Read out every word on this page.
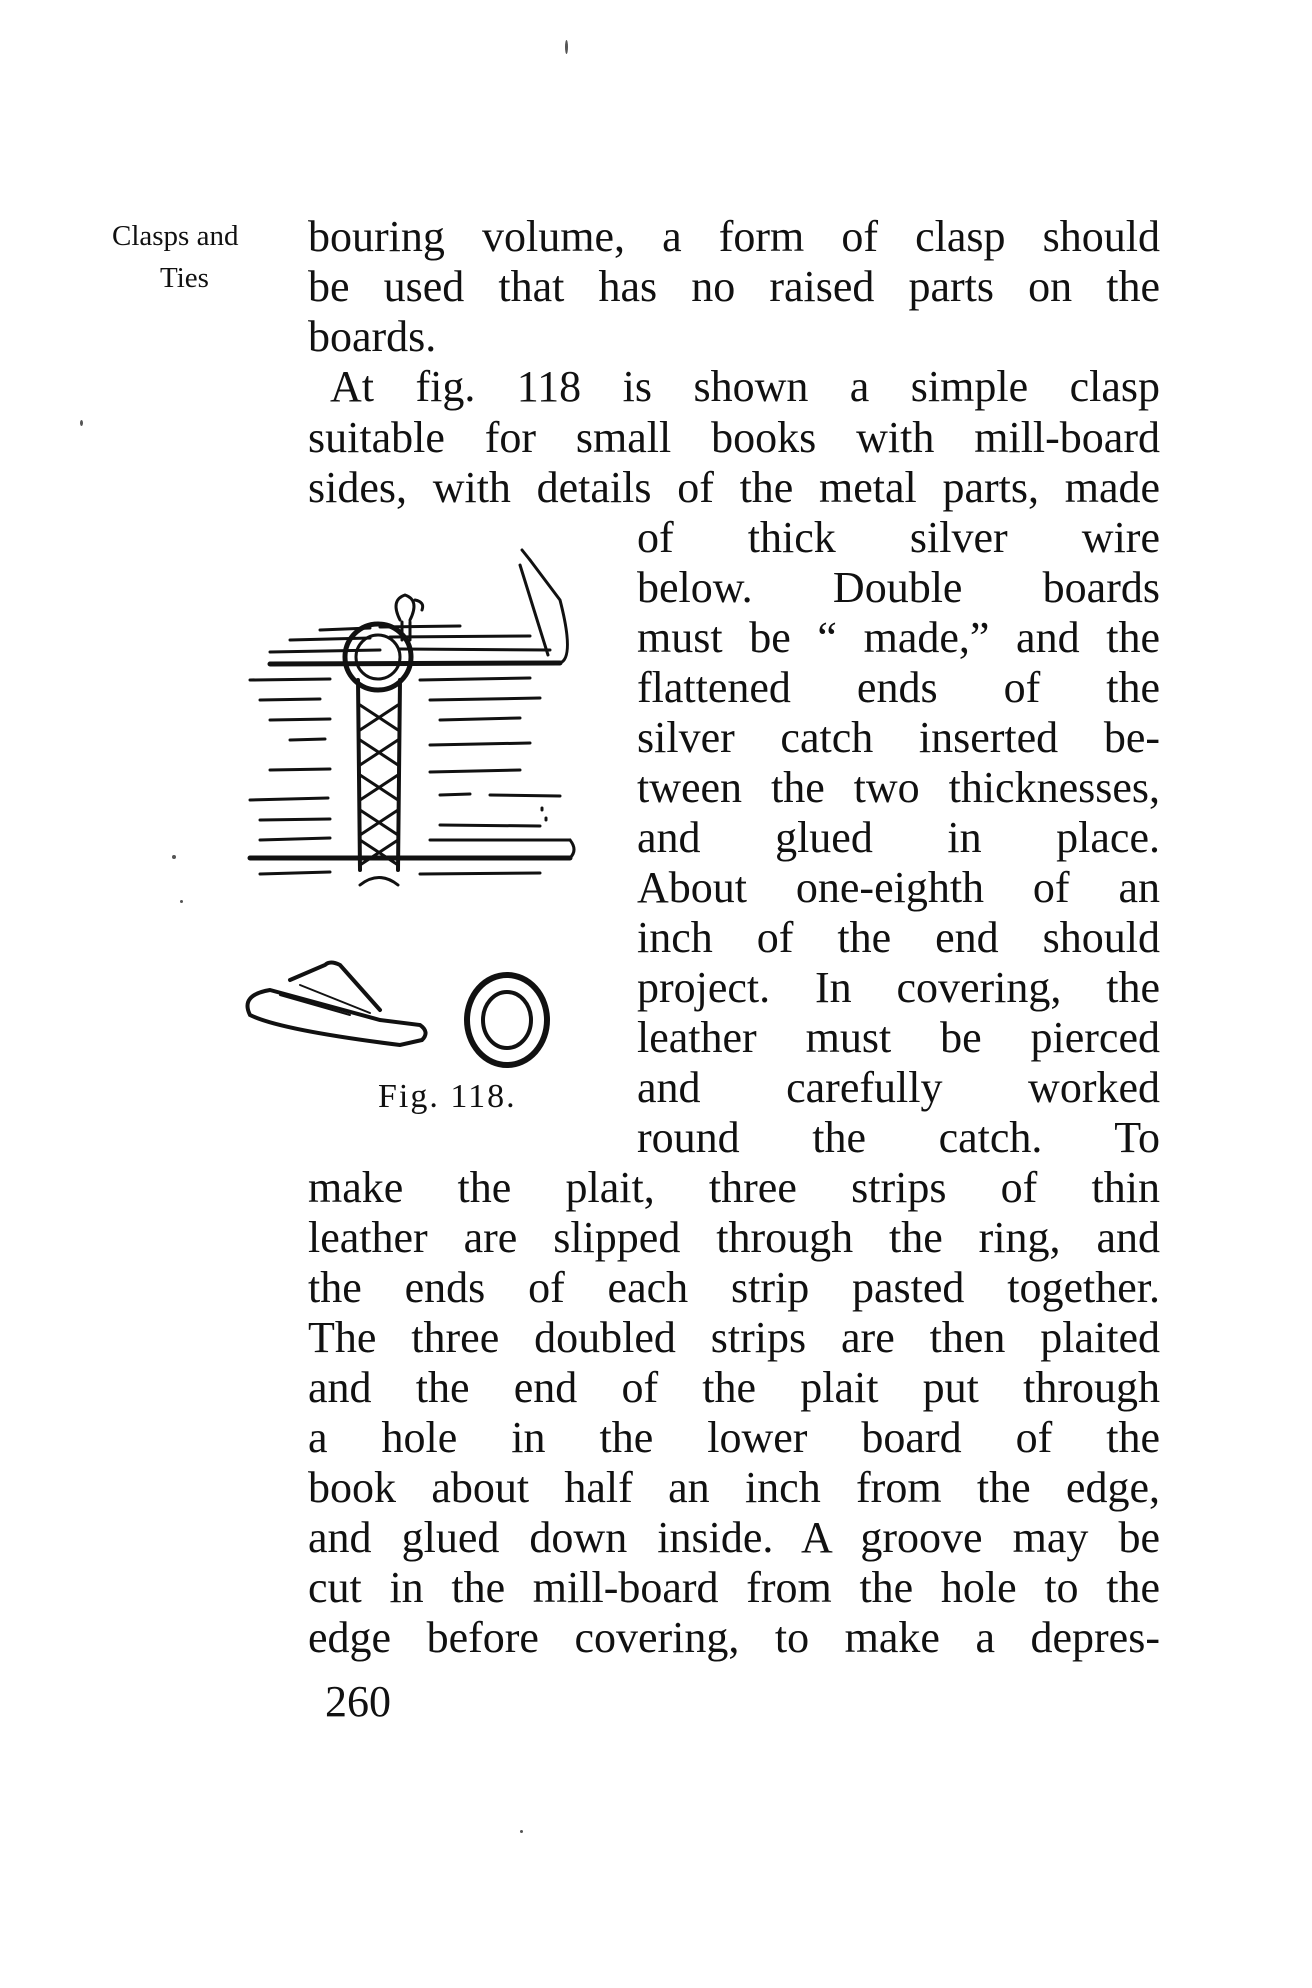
Clasps and
Ties
bouring volume, a form of clasp should
be used that has no raised parts on the
boards.
At fig. 118 is shown a simple clasp
suitable for small books with mill-board
sides, with details of the metal parts, made
of thick silver wire
below. Double boards
must be “ made,” and the
flattened ends of the
silver catch inserted be-
tween the two thicknesses,
and glued in place.
About one-eighth of an
inch of the end should
project. In covering, the
leather must be pierced
and carefully worked
round the catch. To
make the plait, three strips of thin
leather are slipped through the ring, and
the ends of each strip pasted together.
The three doubled strips are then plaited
and the end of the plait put through
a hole in the lower board of the
book about half an inch from the edge,
and glued down inside. A groove may be
cut in the mill-board from the hole to the
edge before covering, to make a depres-
Fig. 118.
260
